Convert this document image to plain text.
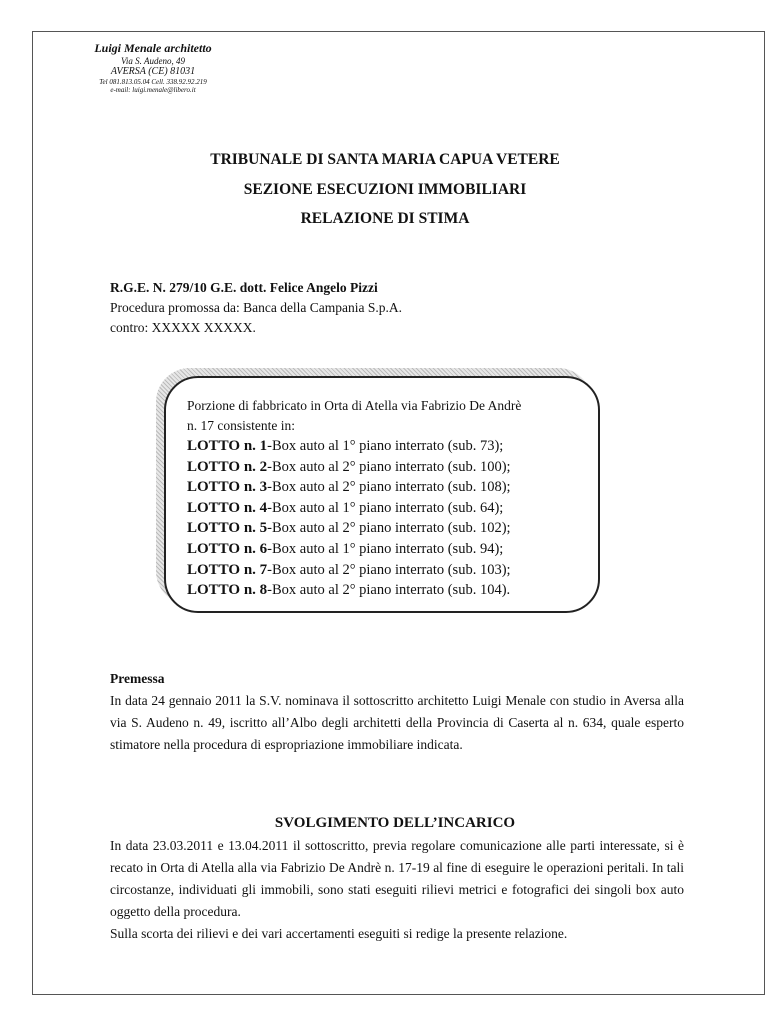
Luigi Menale architetto
Via S. Audeno, 49
AVERSA (CE) 81031
Tel 081.813.05.04 Cell. 338.92.92.219
e-mail: luigi.menale@libero.it
TRIBUNALE DI SANTA MARIA CAPUA VETERE
SEZIONE ESECUZIONI IMMOBILIARI
RELAZIONE DI STIMA
R.G.E. N. 279/10 G.E. dott. Felice Angelo Pizzi
Procedura promossa da: Banca della Campania S.p.A.
contro: XXXXX XXXXX.
Porzione di fabbricato in Orta di Atella via Fabrizio De Andrè
n. 17 consistente in:
LOTTO n. 1-Box auto al 1° piano interrato (sub. 73);
LOTTO n. 2-Box auto al 2° piano interrato (sub. 100);
LOTTO n. 3-Box auto al 2° piano interrato (sub. 108);
LOTTO n. 4-Box auto al 1° piano interrato (sub. 64);
LOTTO n. 5-Box auto al 2° piano interrato (sub. 102);
LOTTO n. 6-Box auto al 1° piano interrato (sub. 94);
LOTTO n. 7-Box auto al 2° piano interrato (sub. 103);
LOTTO n. 8-Box auto al 2° piano interrato (sub. 104).
Premessa

In data 24 gennaio 2011 la S.V. nominava il sottoscritto architetto Luigi Menale con studio in Aversa alla via S. Audeno n. 49, iscritto all’Albo degli architetti della Provincia di Caserta al n. 634, quale esperto stimatore nella procedura di espropriazione immobiliare indicata.

SVOLGIMENTO DELL’INCARICO

In data 23.03.2011 e 13.04.2011 il sottoscritto, previa regolare comunicazione alle parti interessate, si è recato in Orta di Atella alla via Fabrizio De Andrè n. 17-19 al fine di eseguire le operazioni peritali. In tali circostanze, individuati gli immobili, sono stati eseguiti rilievi metrici e fotografici dei singoli box auto oggetto della procedura.

Sulla scorta dei rilievi e dei vari accertamenti eseguiti si redige la presente relazione.
